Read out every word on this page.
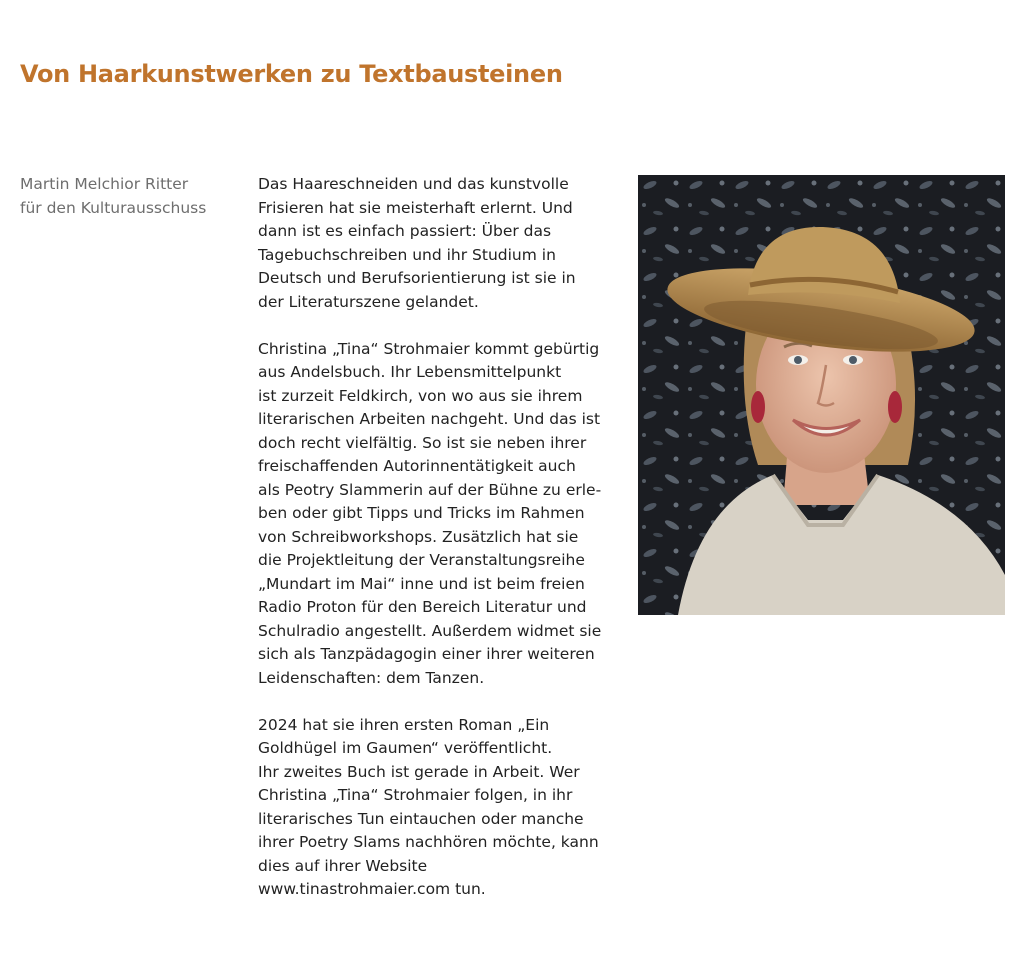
Von Haarkunstwerken zu Textbausteinen
Martin Melchior Ritter
für den Kulturausschuss
Das Haareschneiden und das kunstvolle
Frisieren hat sie meisterhaft erlernt. Und
dann ist es einfach passiert: Über das
Tagebuchschreiben und ihr Studium in
Deutsch und Berufsorientierung ist sie in
der Literaturszene gelandet.
Christina „Tina“ Strohmaier kommt gebürtig
aus Andelsbuch. Ihr Lebensmittelpunkt
ist zurzeit Feldkirch, von wo aus sie ihrem
literarischen Arbeiten nachgeht. Und das ist
doch recht vielfältig. So ist sie neben ihrer
freischaffenden Autorinnentätigkeit auch
als Peotry Slammerin auf der Bühne zu erle-
ben oder gibt Tipps und Tricks im Rahmen
von Schreibworkshops. Zusätzlich hat sie
die Projektleitung der Veranstaltungsreihe
„Mundart im Mai“ inne und ist beim freien
Radio Proton für den Bereich Literatur und
Schulradio angestellt. Außerdem widmet sie
sich als Tanzpädagogin einer ihrer weiteren
Leidenschaften: dem Tanzen.
2024 hat sie ihren ersten Roman „Ein
Goldhügel im Gaumen“ veröffentlicht.
Ihr zweites Buch ist gerade in Arbeit. Wer
Christina „Tina“ Strohmaier folgen, in ihr
literarisches Tun eintauchen oder manche
ihrer Poetry Slams nachhören möchte, kann
dies auf ihrer Website
www.tinastrohmaier.com tun.
